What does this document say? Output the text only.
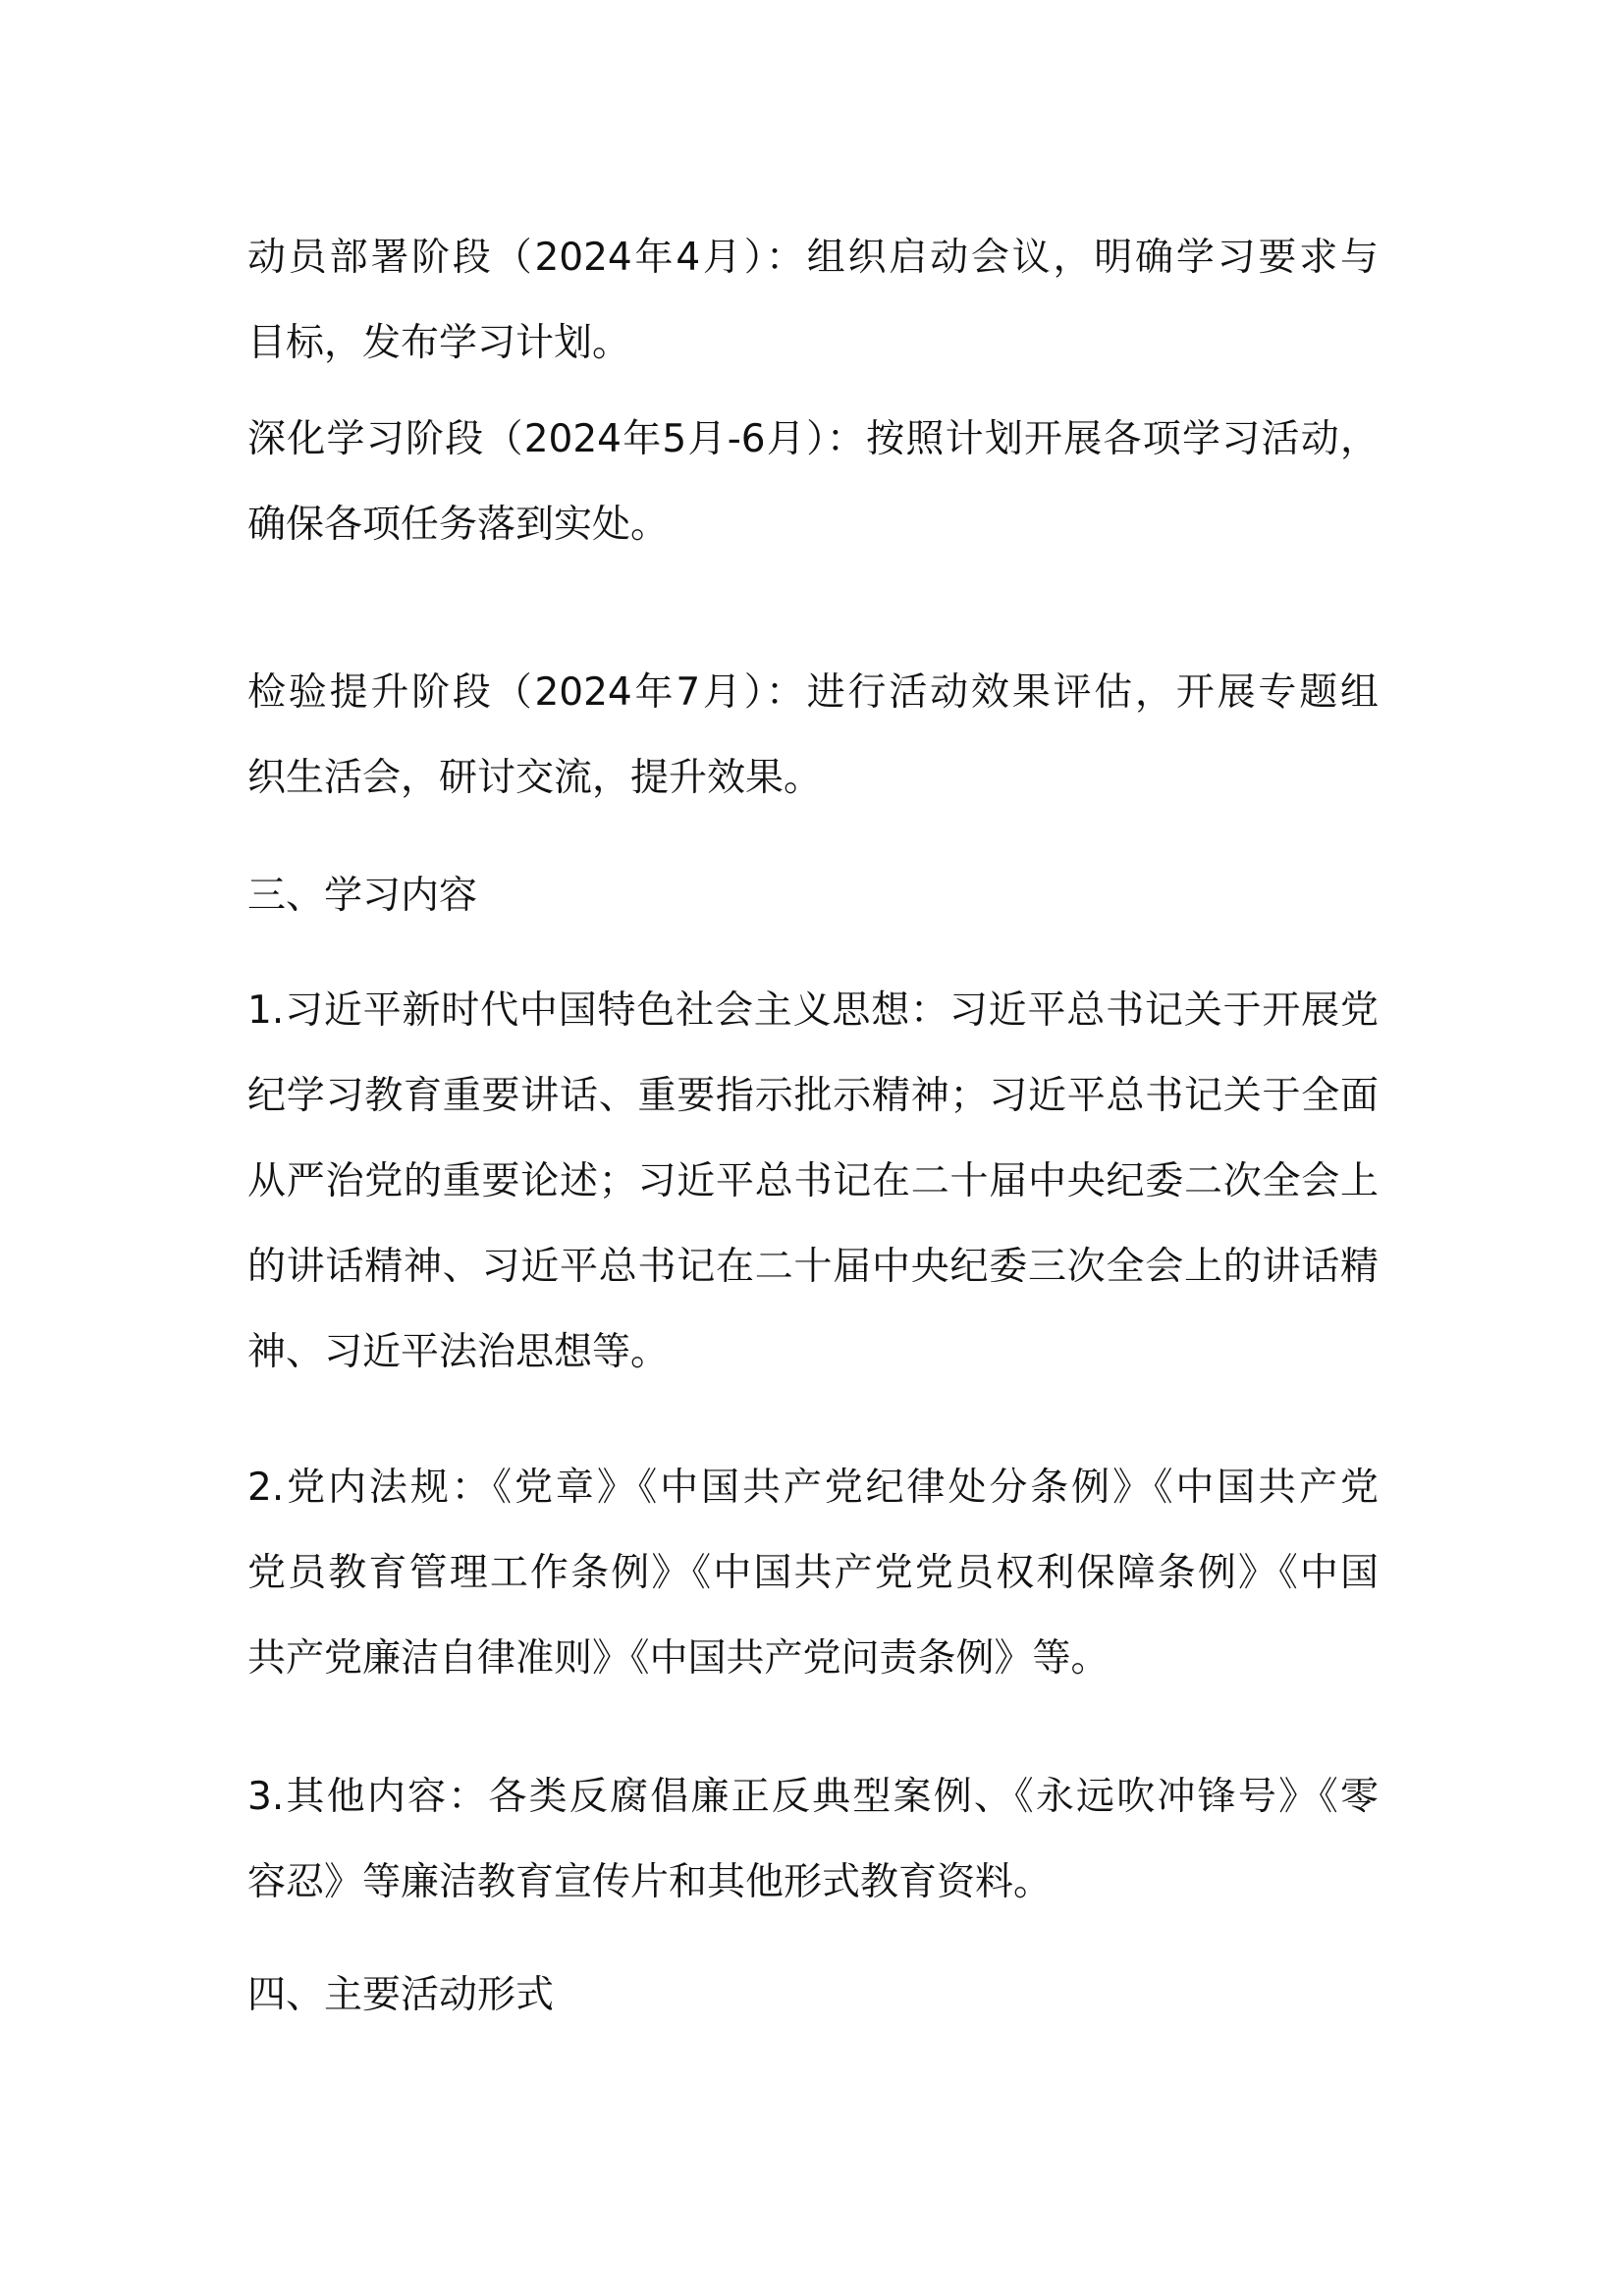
动员部署阶段（2024年4月）：组织启动会议，明确学习要求与
目标，发布学习计划。
深化学习阶段（2024年5月-6月）：按照计划开展各项学习活动，
确保各项任务落到实处。
检验提升阶段（2024年7月）：进行活动效果评估，开展专题组
织生活会，研讨交流，提升效果。
三、学习内容
1.习近平新时代中国特色社会主义思想：习近平总书记关于开展党
纪学习教育重要讲话、重要指示批示精神；习近平总书记关于全面
从严治党的重要论述；习近平总书记在二十届中央纪委二次全会上
的讲话精神、习近平总书记在二十届中央纪委三次全会上的讲话精
神、习近平法治思想等。
2.党内法规：《党章》《中国共产党纪律处分条例》《中国共产党
党员教育管理工作条例》《中国共产党党员权利保障条例》《中国
共产党廉洁自律准则》《中国共产党问责条例》等。
3.其他内容：各类反腐倡廉正反典型案例、《永远吹冲锋号》《零
容忍》等廉洁教育宣传片和其他形式教育资料。
四、主要活动形式
